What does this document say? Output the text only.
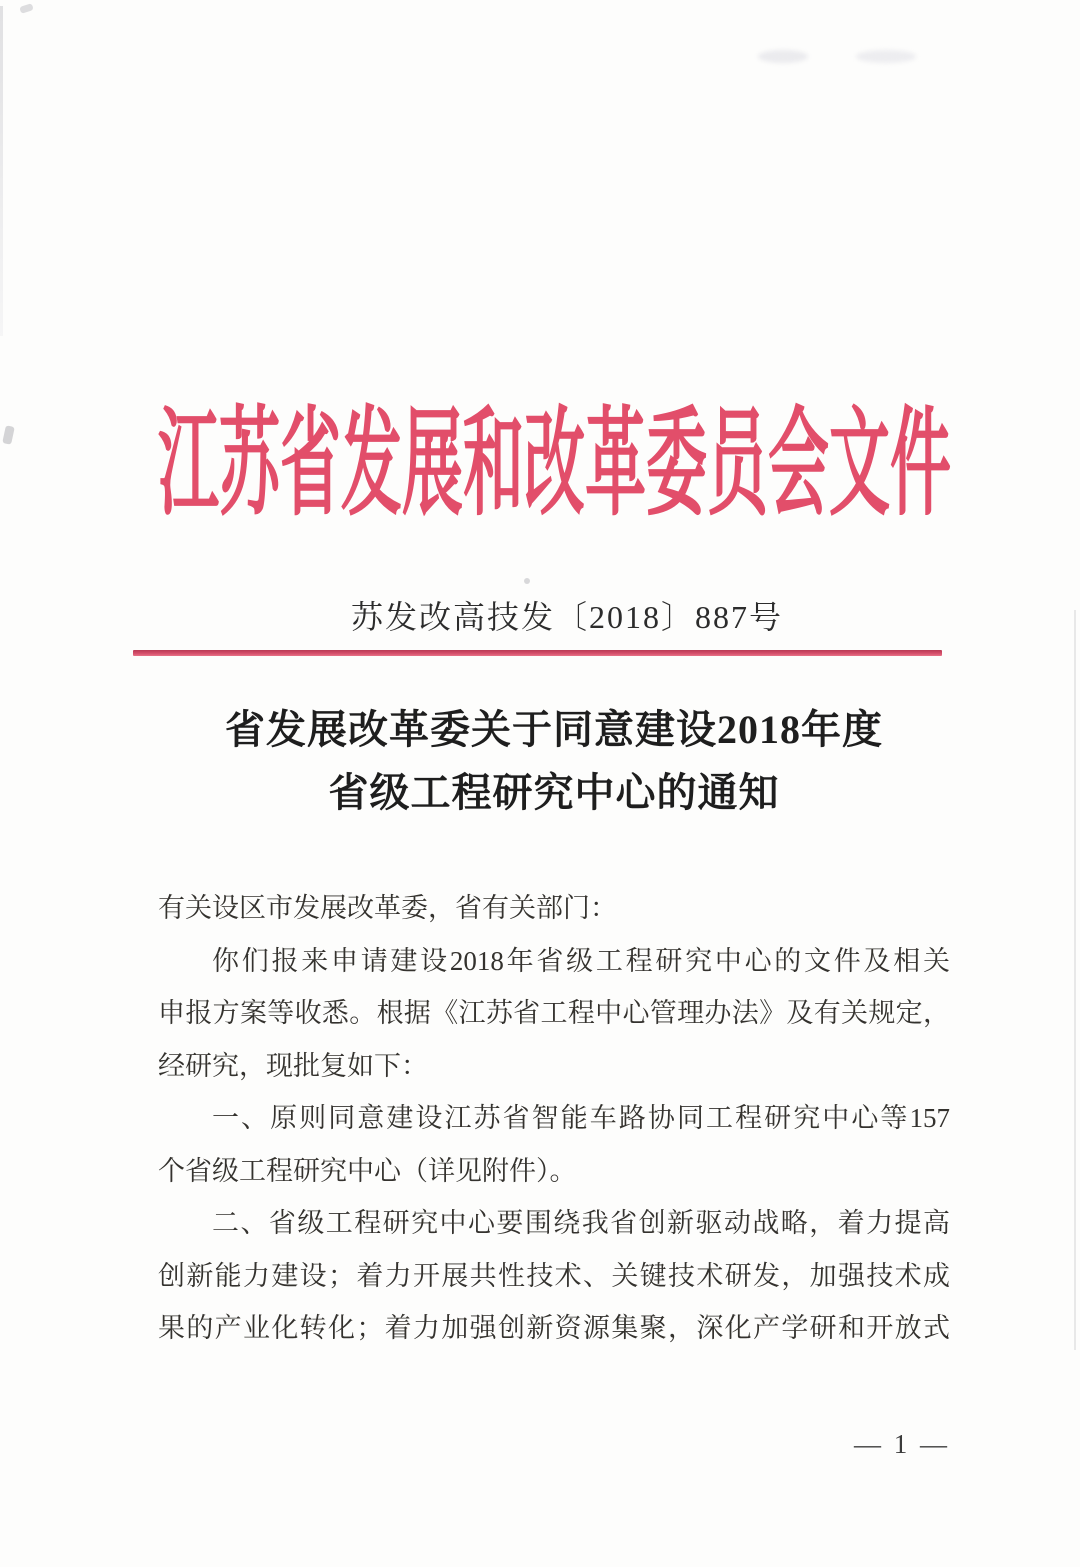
江苏省发展和改革委员会文件
苏发改高技发〔2018〕887号
省发展改革委关于同意建设2018年度
省级工程研究中心的通知
有关设区市发展改革委，省有关部门：
你们报来申请建设2018年省级工程研究中心的文件及相关
申报方案等收悉。根据《江苏省工程中心管理办法》及有关规定，
经研究，现批复如下：
一、原则同意建设江苏省智能车路协同工程研究中心等157
个省级工程研究中心（详见附件）。
二、省级工程研究中心要围绕我省创新驱动战略，着力提高
创新能力建设；着力开展共性技术、关键技术研发，加强技术成
果的产业化转化；着力加强创新资源集聚，深化产学研和开放式
— 1 —
